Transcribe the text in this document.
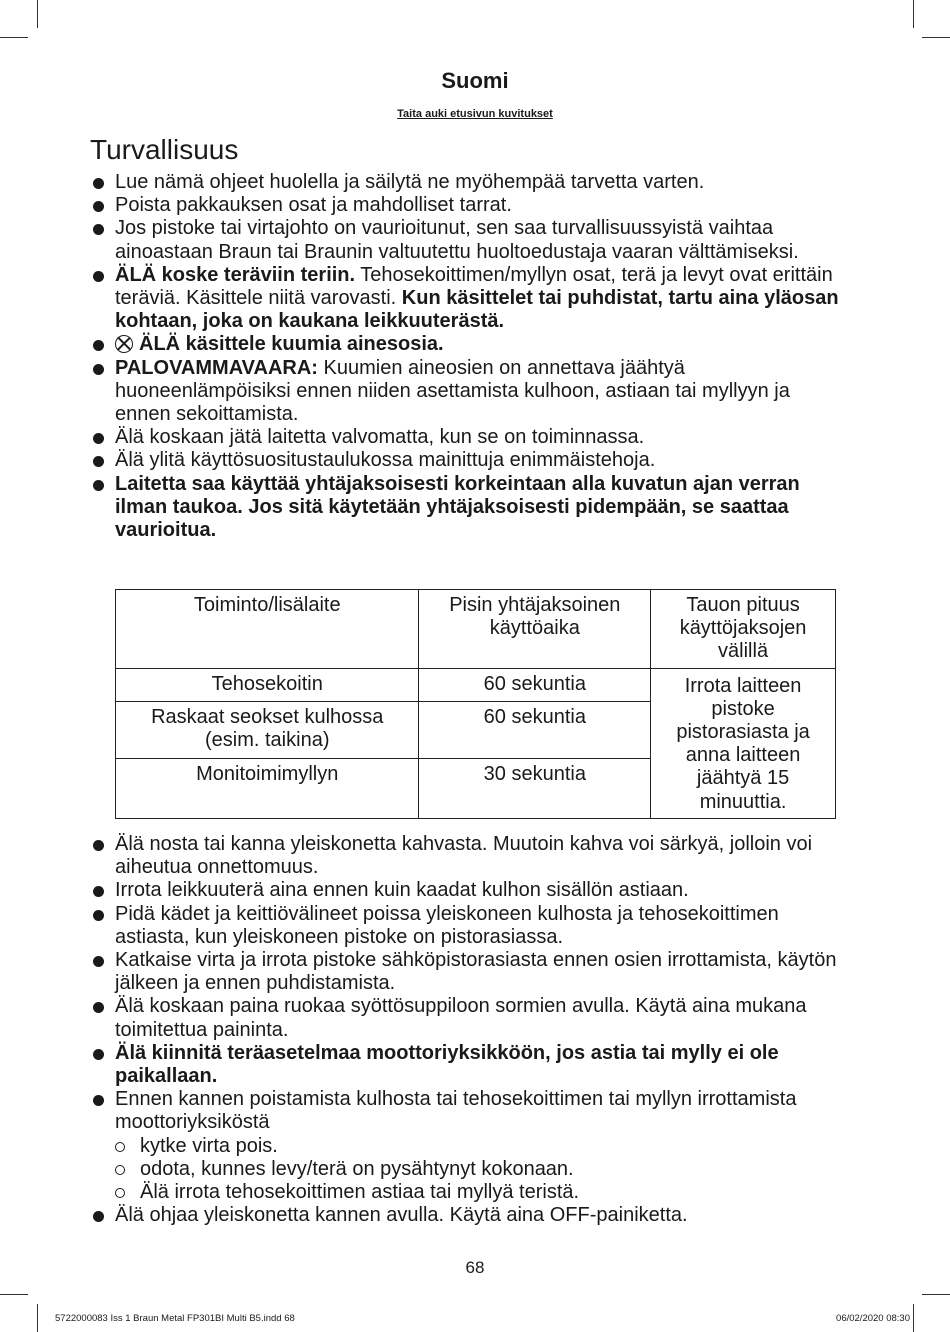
Suomi
Taita auki etusivun kuvitukset
Turvallisuus
Lue nämä ohjeet huolella ja säilytä ne myöhempää tarvetta varten.
Poista pakkauksen osat ja mahdolliset tarrat.
Jos pistoke tai virtajohto on vaurioitunut, sen saa turvallisuussyistä vaihtaa ainoastaan Braun tai Braunin valtuutettu huoltoedustaja vaaran välttämiseksi.
ÄLÄ koske teräviin teriin. Tehosekoittimen/myllyn osat, terä ja levyt ovat erittäin teräviä. Käsittele niitä varovasti. Kun käsittelet tai puhdistat, tartu aina yläosan kohtaan, joka on kaukana leikkuuterästä.
ÄLÄ käsittele kuumia ainesosia.
PALOVAMMAVAARA: Kuumien aineosien on annettava jäähtyä huoneenlämpöisiksi ennen niiden asettamista kulhoon, astiaan tai myllyyn ja ennen sekoittamista.
Älä koskaan jätä laitetta valvomatta, kun se on toiminnassa.
Älä ylitä käyttösuositustaulukossa mainittuja enimmäistehoja.
Laitetta saa käyttää yhtäjaksoisesti korkeintaan alla kuvatun ajan verran ilman taukoa. Jos sitä käytetään yhtäjaksoisesti pidempään, se saattaa vaurioitua.
Toiminto/lisälaite	Pisin yhtäjaksoinen käyttöaika	Tauon pituus käyttöjaksojen välillä
Tehosekoitin	60 sekuntia	Irrota laitteen pistoke pistorasiasta ja anna laitteen jäähtyä 15 minuuttia.
Raskaat seokset kulhossa (esim. taikina)	60 sekuntia	
Monitoimimyllyn	30 sekuntia	
Älä nosta tai kanna yleiskonetta kahvasta. Muutoin kahva voi särkyä, jolloin voi aiheutua onnettomuus.
Irrota leikkuuterä aina ennen kuin kaadat kulhon sisällön astiaan.
Pidä kädet ja keittiövälineet poissa yleiskoneen kulhosta ja tehosekoittimen astiasta, kun yleiskoneen pistoke on pistorasiassa.
Katkaise virta ja irrota pistoke sähköpistorasiasta ennen osien irrottamista, käytön jälkeen ja ennen puhdistamista.
Älä koskaan paina ruokaa syöttösuppiloon sormien avulla. Käytä aina mukana toimitettua paininta.
Älä kiinnitä teräasetelmaa moottoriyksikköön, jos astia tai mylly ei ole paikallaan.
Ennen kannen poistamista kulhosta tai tehosekoittimen tai myllyn irrottamista moottoriyksiköstä
kytke virta pois.
odota, kunnes levy/terä on pysähtynyt kokonaan.
Älä irrota tehosekoittimen astiaa tai myllyä teristä.
Älä ohjaa yleiskonetta kannen avulla. Käytä aina OFF-painiketta.
68
5722000083 Iss 1 Braun Metal FP301BI Multi B5.indd 68	06/02/2020 08:30
